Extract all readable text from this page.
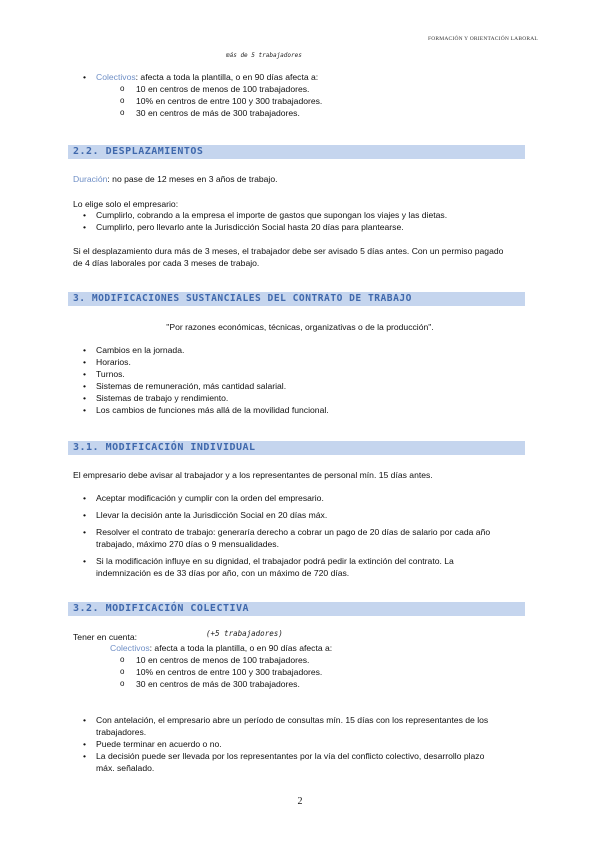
FORMACIÓN Y ORIENTACIÓN LABORAL
más de 5 trabajadores
• Colectivos: afecta a toda la plantilla, o en 90 días afecta a:
o 10 en centros de menos de 100 trabajadores.
o 10% en centros de entre 100 y 300 trabajadores.
o 30 en centros de más de 300 trabajadores.
2.2. DESPLAZAMIENTOS
Duración: no pase de 12 meses en 3 años de trabajo.
Lo elige solo el empresario:
• Cumplirlo, cobrando a la empresa el importe de gastos que supongan los viajes y las dietas.
• Cumplirlo, pero llevarlo ante la Jurisdicción Social hasta 20 días para plantearse.
Si el desplazamiento dura más de 3 meses, el trabajador debe ser avisado 5 días antes. Con un permiso pagado
de 4 días laborales por cada 3 meses de trabajo.
3. MODIFICACIONES SUSTANCIALES DEL CONTRATO DE TRABAJO
"Por razones económicas, técnicas, organizativas o de la producción".
• Cambios en la jornada.
• Horarios.
• Turnos.
• Sistemas de remuneración, más cantidad salarial.
• Sistemas de trabajo y rendimiento.
• Los cambios de funciones más allá de la movilidad funcional.
3.1. MODIFICACIÓN INDIVIDUAL
El empresario debe avisar al trabajador y a los representantes de personal mín. 15 días antes.
• Aceptar modificación y cumplir con la orden del empresario.
• Llevar la decisión ante la Jurisdicción Social en 20 días máx.
• Resolver el contrato de trabajo: generaría derecho a cobrar un pago de 20 días de salario por cada año
trabajado, máximo 270 días o 9 mensualidades.
• Si la modificación influye en su dignidad, el trabajador podrá pedir la extinción del contrato. La
indemnización es de 33 días por año, con un máximo de 720 días.
3.2. MODIFICACIÓN COLECTIVA
Tener en cuenta:	(+5 trabajadores)
Colectivos: afecta a toda la plantilla, o en 90 días afecta a:
o 10 en centros de menos de 100 trabajadores.
o 10% en centros de entre 100 y 300 trabajadores.
o 30 en centros de más de 300 trabajadores.
• Con antelación, el empresario abre un período de consultas mín. 15 días con los representantes de los
trabajadores.
• Puede terminar en acuerdo o no.
• La decisión puede ser llevada por los representantes por la vía del conflicto colectivo, desarrollo plazo
máx. señalado.
2
